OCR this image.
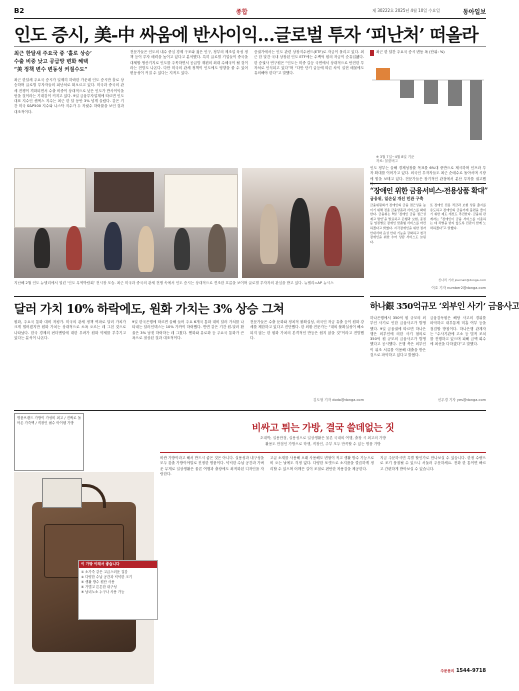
B2	종합	제 30222호 2025년 4월 10일 수요일	동아일보
인도 증시, 美-中 싸움에 반사이익…글로벌 투자 ‘피난처’ 떠올라
최근 한달새 주요국 중 ‘홀로 상승’
수출 비중 낮고 공급망 변화 혜택
“美 정책 변수 변동성 커질수도”
최근 한달새 주요국 증시가 일제히 하락한 가운데 인도 증시만 홀로 상승하며 글로벌 투자자들의 피난처로 떠오르고 있다. 미국과 중국의 관세 전쟁이 격화되면서 수출 비중이 상대적으로 낮은 인도가 반사이익을 얻을 것이라는 기대감이 커지고 있다. 9일 금융투자업계에 따르면 인도 대표 지수인 센섹스 지수는 최근 한 달 동안 3% 넘게 올랐다. 같은 기간 미국 S&P500 지수와 나스닥 지수가 두 자릿수 하락률을 보인 것과 대조적이다.
전문가들은 인도의 내수 중심 경제 구조와 젊은 인구, 정부의 제조업 육성 정책 등이 투자 매력을 높이고 있다고 분석했다. 특히 글로벌 기업들이 중국을 대체할 생산기지로 인도를 주목하면서 공급망 재편의 최대 수혜국이 될 것이라는 전망도 나온다. 다만 미국의 관세 정책이 인도에도 영향을 줄 수 있어 변동성이 커질 수 있다는 지적도 있다.
증권가에서는 인도 관련 상장지수펀드(ETF)로 자금이 몰리고 있다. 최근 한 달간 국내 상장된 인도 ETF에는 수백억 원의 자금이 순유입됐다. 한 증권사 연구원은 “인도는 미중 갈등 국면에서 상대적으로 안전한 투자처로 인식되고 있다”며 “다만 단기 급등에 따른 차익 실현 매물에도 유의해야 한다”고 말했다.
최근 한 달간 주요국 증시 변동 폭 (단위: %)
※ 3월 7일~4월 8일 기준
자료: 블룸버그
지난해 2월 인도 뉴델리에서 열린 ‘인도 무역박람회’ 전시장 모습. 최근 미국과 중국의 관세 전쟁 속에서 인도 증시는 상대적으로 견조한 흐름을 보이며 글로벌 투자자의 관심을 받고 있다. 뉴델리=AP 뉴시스
인도 정부는 올해 경제성장률 목표를 6%대 중반으로 제시하며 인프라 투자 확대를 이어가고 있다. 외국인 투자자들도 최근 순매수로 돌아서며 시장에 힘을 보태고 있다. 전문가들은 장기적인 관점에서 분산 투자를 권고했다.
이호 기자 number2@donga.com
“장애인 위한 금융서비스-전용상품 확대”
달러 가치 10% 하락에도, 원화 가치는 3% 상승 그쳐
원화, 주요국 통화 대비 저평가. 미국의 관세 정책 여파로 달러 가치가 크게 떨어졌지만 원화 가치는 상대적으로 소폭 오르는 데 그친 것으로 나타났다. 한국 경제의 펀더멘털에 대한 우려가 원화 약세를 부추기고 있다는 분석이 나온다.
9일 한국은행에 따르면 올해 들어 주요 6개국 통화 대비 달러 가치를 나타내는 달러인덱스는 10% 가까이 하락했다. 반면 같은 기간 원-달러 환율은 3% 남짓 하락하는 데 그쳤다. 엔화와 유로화 등 주요국 통화가 큰 폭으로 절상된 것과 대조적이다.
전문가들은 수출 둔화와 정치적 불확실성, 외국인 자금 유출 등이 원화 강세를 제한하고 있다고 진단했다. 한 외환 전문가는 “대외 불확실성이 해소되지 않는 한 원화 가치의 본격적인 반등은 쉽지 않을 것”이라고 전망했다.
김도형 기자 dodo@donga.com
하나銀 350억규모 ‘외부인 사기’ 금융사고
하나은행에서 350억 원 규모의 외부인 사기로 인한 금융사고가 발생했다. 9일 금융권에 따르면 하나은행은 외부인에 의한 사기 혐의로 350억 원 규모의 금융사고가 발생했다고 공시했다. 은행 측은 외부인이 위조 서류를 이용해 대출을 받은 것으로 파악하고 있다고 밝혔다.
금융감독원은 해당 사고의 경위를 파악하고 내부통제 미흡 여부 등을 점검할 방침이다. 하나은행 관계자는 “수사기관에 고소 등 법적 조치를 진행하고 있으며 피해 금액 회수에 최선을 다하겠다”고 말했다.
신무경 기자 yes@donga.com
금융위, 일손실 개선 민관 구축
금융위원회가 장애인의 금융 접근성을 높이기 위해 전용 금융상품과 서비스를 확대한다. 금융위는 9일 ‘장애인 금융 접근성 제고 방안’을 발표하고 은행과 보험, 증권 등 업권별로 장애인 맞춤형 서비스를 마련하겠다고 밝혔다. 시각장애인을 위한 점자 안내서와 음성 안내 기능을 강화하고 청각장애인을 위한 수어 상담 서비스도 늘린다.
또 장애인 전용 적금과 보험 상품 출시를 유도하고 장애인의 금융거래 불편을 줄이기 위한 제도 개선도 추진한다. 금융위 관계자는 “장애인이 금융 서비스를 이용하는 데 차별을 받지 않도록 민관이 함께 노력하겠다”고 말했다.
신나리 기자 journari@donga.com
명품브랜드 가방이 가성비 최고 / 진짜로 돌아온 가죽백 / 직장인 필수 아이템 가방
이 가방 이래서 좋습니다
① 소가죽 같은 고급스러운 질감
② 다양한 수납 공간과 넉넉한 크기
③ 생활 방수 원단 사용
④ 가볍고 튼튼한 내구성
⑤ 남녀노소 누구나 사용 가능
비싸고 튀는 가방, 결국 쓸데없는 짓
초대박, 실용만점, 실용성으로 일상생활은 물론 국내외 여행, 출장 시 최고의 가방
활용도 만점인 가방으로 학생, 직장인, 주부 모두 만족할 수 있는 명품 가방
비싼 가방이라고 해서 반드시 좋은 것은 아니다. 실용성과 내구성을 모두 갖춘 가방이야말로 진정한 명품이다. 넉넉한 수납 공간과 가벼운 무게로 일상생활은 물론 여행과 출장에도 최적화된 디자인을 자랑한다.
고급 소재를 사용해 오래 사용해도 변형이 적고 생활 방수 기능으로 비 오는 날에도 걱정 없다. 다양한 포켓으로 소지품을 깔끔하게 정리할 수 있으며 어깨끈 길이 조절로 편안한 착용감을 제공한다.
지금 주문하시면 특별 할인가로 만나보실 수 있습니다. 한정 수량으로 조기 품절될 수 있으니 서둘러 주문하세요. 전화 한 통이면 빠르고 간편하게 받아보실 수 있습니다.
주문문의 1544-9718
